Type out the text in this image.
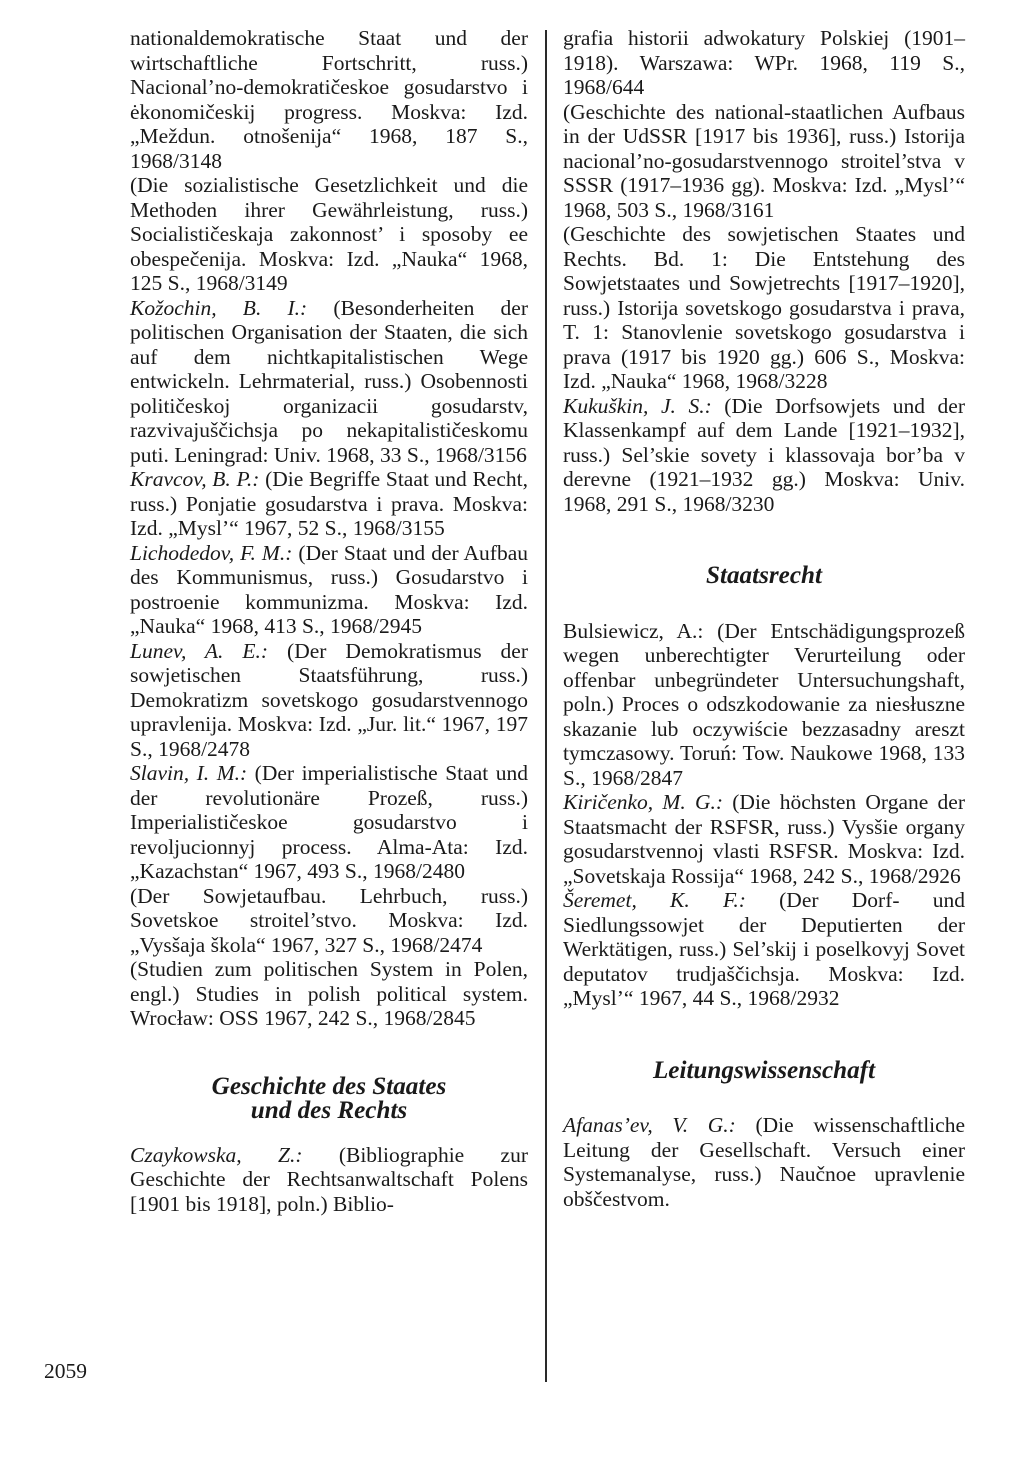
nationaldemokratische Staat und der wirtschaftliche Fortschritt, russ.) Nacional’no-demokratičeskoe gosudarstvo i ėkonomičeskij progress. Moskva: Izd. „Meždun. otnošenija“ 1968, 187 S., 1968/3148

(Die sozialistische Gesetzlichkeit und die Methoden ihrer Gewährleistung, russ.) Socialističeskaja zakonnost’ i sposoby ee obespečenija. Moskva: Izd. „Nauka“ 1968, 125 S., 1968/3149

Kožochin, B. I.: (Besonderheiten der politischen Organisation der Staaten, die sich auf dem nichtkapitalistischen Wege entwickeln. Lehrmaterial, russ.) Osobennosti političeskoj organizacii gosudarstv, razvivajuščichsja po nekapitalističeskomu puti. Leningrad: Univ. 1968, 33 S., 1968/3156

Kravcov, B. P.: (Die Begriffe Staat und Recht, russ.) Ponjatie gosudarstva i prava. Moskva: Izd. „Mysl’“ 1967, 52 S., 1968/3155

Lichodedov, F. M.: (Der Staat und der Aufbau des Kommunismus, russ.) Gosudarstvo i postroenie kommunizma. Moskva: Izd. „Nauka“ 1968, 413 S., 1968/2945

Lunev, A. E.: (Der Demokratismus der sowjetischen Staatsführung, russ.) Demokratizm sovetskogo gosudarstvennogo upravlenija. Moskva: Izd. „Jur. lit.“ 1967, 197 S., 1968/2478

Slavin, I. M.: (Der imperialistische Staat und der revolutionäre Prozeß, russ.) Imperialističeskoe gosudarstvo i revoljucionnyj process. Alma-Ata: Izd. „Kazachstan“ 1967, 493 S., 1968/2480

(Der Sowjetaufbau. Lehrbuch, russ.) Sovetskoe stroitel’stvo. Moskva: Izd. „Vysšaja škola“ 1967, 327 S., 1968/2474

(Studien zum politischen System in Polen, engl.) Studies in polish political system. Wrocław: OSS 1967, 242 S., 1968/2845

Geschichte des Staates
und des Rechts

Czaykowska, Z.: (Bibliographie zur Geschichte der Rechtsanwaltschaft Polens [1901 bis 1918], poln.) Biblio-

grafia historii adwokatury Polskiej (1901–1918). Warszawa: WPr. 1968, 119 S., 1968/644

(Geschichte des national-staatlichen Aufbaus in der UdSSR [1917 bis 1936], russ.) Istorija nacional’no-gosudarstvennogo stroitel’stva v SSSR (1917–1936 gg). Moskva: Izd. „Mysl’“ 1968, 503 S., 1968/3161

(Geschichte des sowjetischen Staates und Rechts. Bd. 1: Die Entstehung des Sowjetstaates und Sowjetrechts [1917–1920], russ.) Istorija sovetskogo gosudarstva i prava, T. 1: Stanovlenie sovetskogo gosudarstva i prava (1917 bis 1920 gg.) 606 S., Moskva: Izd. „Nauka“ 1968, 1968/3228

Kukuškin, J. S.: (Die Dorfsowjets und der Klassenkampf auf dem Lande [1921–1932], russ.) Sel’skie sovety i klassovaja bor’ba v derevne (1921–1932 gg.) Moskva: Univ. 1968, 291 S., 1968/3230

Staatsrecht

Bulsiewicz, A.: (Der Entschädigungsprozeß wegen unberechtigter Verurteilung oder offenbar unbegründeter Untersuchungshaft, poln.) Proces o odszkodowanie za niesłuszne skazanie lub oczywiście bezzasadny areszt tymczasowy. Toruń: Tow. Naukowe 1968, 133 S., 1968/2847

Kiričenko, M. G.: (Die höchsten Organe der Staatsmacht der RSFSR, russ.) Vysšie organy gosudarstvennoj vlasti RSFSR. Moskva: Izd. „Sovetskaja Rossija“ 1968, 242 S., 1968/2926

Šeremet, K. F.: (Der Dorf- und Siedlungssowjet der Deputierten der Werktätigen, russ.) Sel’skij i poselkovyj Sovet deputatov trudjaščichsja. Moskva: Izd. „Mysl’“ 1967, 44 S., 1968/2932

Leitungswissenschaft

Afanas’ev, V. G.: (Die wissenschaftliche Leitung der Gesellschaft. Versuch einer Systemanalyse, russ.) Naučnoe upravlenie obščestvom.

2059
